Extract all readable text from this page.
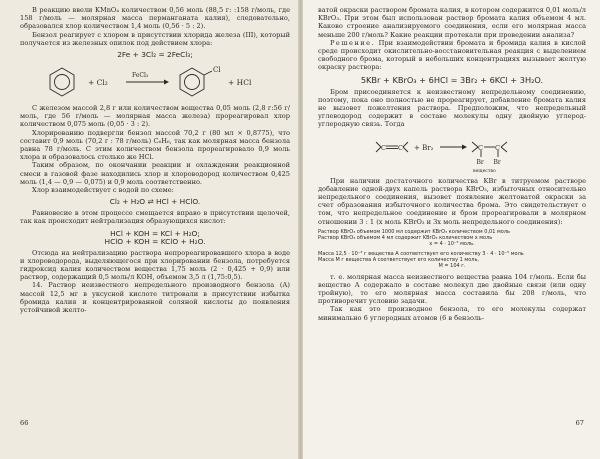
В реакцию ввели KMnO₄ количеством 0,56 моль (88,5 г: :158 г/моль, где 158 г/моль — молярная масса перманганата калия), следовательно, образовался хлор количеством 1,4 моль (0,56 · 5 : 2).

Бензол реагирует с хлором в присутствии хлорида железа (III), который получается из железных опилок под действием хлора:

2Fe + 3Cl₂ = 2FeCl₃;
+ Cl₂
FeCl₃
Cl
+ HCl

С железом массой 2,8 г или количеством вещества 0,05 моль (2,8 г:56 г/моль, где 56 г/моль — молярная масса железа) прореагировал хлор количеством 0,075 моль (0,05 · 3 : 2).

Хлорированию подвергли бензол массой 70,2 г (80 мл × 0,8775), что составит 0,9 моль (70,2 г : 78 г/моль) C₆H₆, так как молярная масса бензола равна 78 г/моль. С этим количеством бензола прореагировало 0,9 моль хлора и образовалось столько же HCl.

Таким образом, по окончании реакции и охлаждении реакционной смеси в газовой фазе находились хлор и хлороводород количеством 0,425 моль (1,4 — 0,9 — 0,075) и 0,9 моль соответственно.

Хлор взаимодействует с водой по схеме:

Cl₂ + H₂O ⇌ HCl + HClO.

Равновесие в этом процессе смещается вправо в присутствии щелочей, так как происходит нейтрализация образующихся кислот:

HCl + KOH = KCl + H₂O;
HClO + KOH = KClO + H₂O.

Отсюда на нейтрализацию раствора непрореагировавшего хлора в воде и хлороводорода, выделяющегося при хлорировании бензола, потребуется гидроксид калия количеством вещества 1,75 моль (2 · 0,425 + 0,9) или раствор, содержащий 0,5 моль/л KOH, объемом 3,5 л (1,75:0,5).

14. Раствор неизвестного непредельного производного бензола (А) массой 12,5 мг в уксусной кислоте титровали в присутствии избытка бромида калия и концентрированной соляной кислоты до появления устойчивой желто-

66

ватой окраски раствором бромата калия, в котором содержится 0,01 моль/л KBrO₃. При этом был использован раствор бромата калия объемом 4 мл. Каково строение анализируемого соединения, если его молярная масса меньше 200 г/моль? Какие реакции протекали при проведении анализа?

Решение. При взаимодействии бромата и бромида калия в кислой среде происходит окислительно-восстановительная реакция с выделением свободного брома, который в небольших концентрациях вызывает желтую окраску раствора:

5KBr + KBrO₃ + 6HCl = 3Br₂ + 6KCl + 3H₂O.

Бром присоединяется к неизвестному непредельному соединению, поэтому, пока оно полностью не прореагирует, добавление бромата калия не вызовет пожелтения раствора. Предположим, что непредельный углеводород содержит в составе молекулы одну двойную углерод-углеродную связь. Тогда

C C + Br₂	C C
Br Br
вещество

При наличии достаточного количества KBr в титруемом растворе добавление одной-двух капель раствора KBrO₃, избыточных относительно непредельного соединения, вызовет появление желтоватой окраски за счет образования избыточного количества брома. Это свидетельствует о том, что непредельное соединение и бром прореагировали в молярном отношении 3 : 1 (x моль KBrO₃ и 3x моль непредельного соединения):

Раствор KBrO₃ объемом 1000 мл содержит KBrO₃ количеством 0,01 моль
Раствор KBrO₃ объемом 4 мл содержит KBrO₃ количеством x моль
x = 4 · 10⁻⁵ моль.
Масса 12,5 · 10⁻³ г вещества А соответствует его количеству 3 · 4 · 10⁻⁵ моль
Масса М г вещества А соответствует его количеству 1 моль,
M = 104 г.

т. е. молярная масса неизвестного вещества равна 104 г/моль. Если бы вещество А содержало в составе молекул две двойные связи (или одну тройную), то его молярная масса составила бы 208 г/моль, что противоречит условию задачи.

Так как это производное бензола, то его молекулы содержат минимально 6 углеродных атомов (6 в бензоль-

67
